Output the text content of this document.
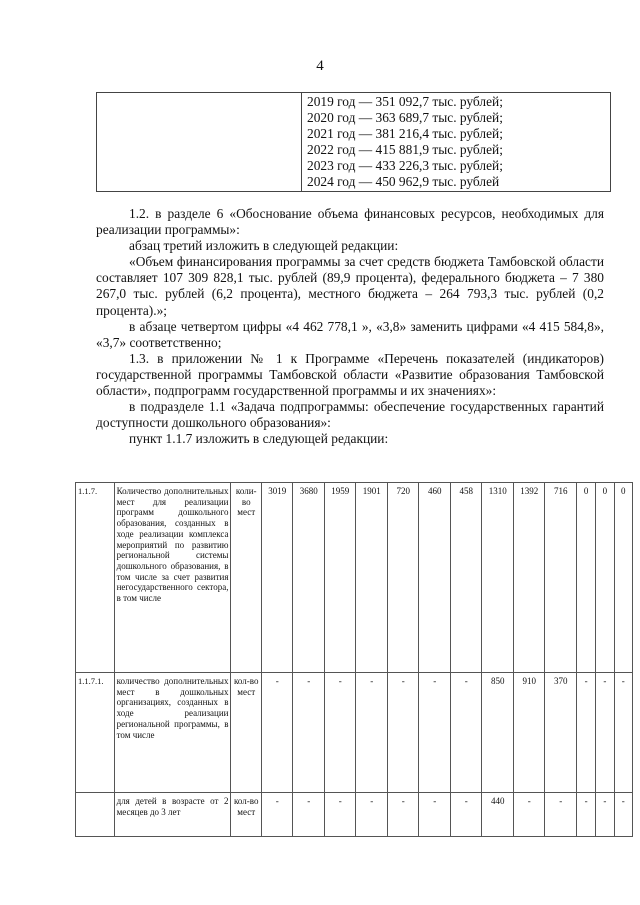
4

2019 год — 351 092,7 тыс. рублей;
2020 год — 363 689,7 тыс. рублей;
2021 год — 381 216,4 тыс. рублей;
2022 год — 415 881,9 тыс. рублей;
2023 год — 433 226,3 тыс. рублей;
2024 год — 450 962,9 тыс. рублей

1.2. в разделе 6 «Обоснование объема финансовых ресурсов, необходимых для реализации программы»:

абзац третий изложить в следующей редакции:

«Объем финансирования программы за счет средств бюджета Тамбовской области составляет 107 309 828,1 тыс. рублей (89,9 процента), федерального бюджета – 7 380 267,0 тыс. рублей (6,2 процента), местного бюджета – 264 793,3 тыс. рублей (0,2 процента).»;

в абзаце четвертом цифры «4 462 778,1 », «3,8» заменить цифрами «4 415 584,8», «3,7» соответственно;

1.3. в приложении № 1 к Программе «Перечень показателей (индикаторов) государственной программы Тамбовской области «Развитие образования Тамбовской области», подпрограмм государственной программы и их значениях»:

в подразделе 1.1 «Задача подпрограммы: обеспечение государственных гарантий доступности дошкольного образования»:

пункт 1.1.7 изложить в следующей редакции:

1.1.7.	Количество дополнительных мест для реализации программ дошкольного образования, созданных в ходе реализации комплекса мероприятий по развитию региональной системы дошкольного образования, в том числе за счет развития негосударственного сектора, в том числе	коли-во мест	3019	3680	1959	1901	720	460	458	1310	1392	716	0	0	0
1.1.7.1.	количество дополнительных мест в дошкольных организациях, созданных в ходе реализации региональной программы, в том числе	кол-во мест	-	-	-	-	-	-	-	850	910	370	-	-	-
	для детей в возрасте от 2 месяцев до 3 лет	кол-во мест	-	-	-	-	-	-	-	440	-	-	-	-	-
